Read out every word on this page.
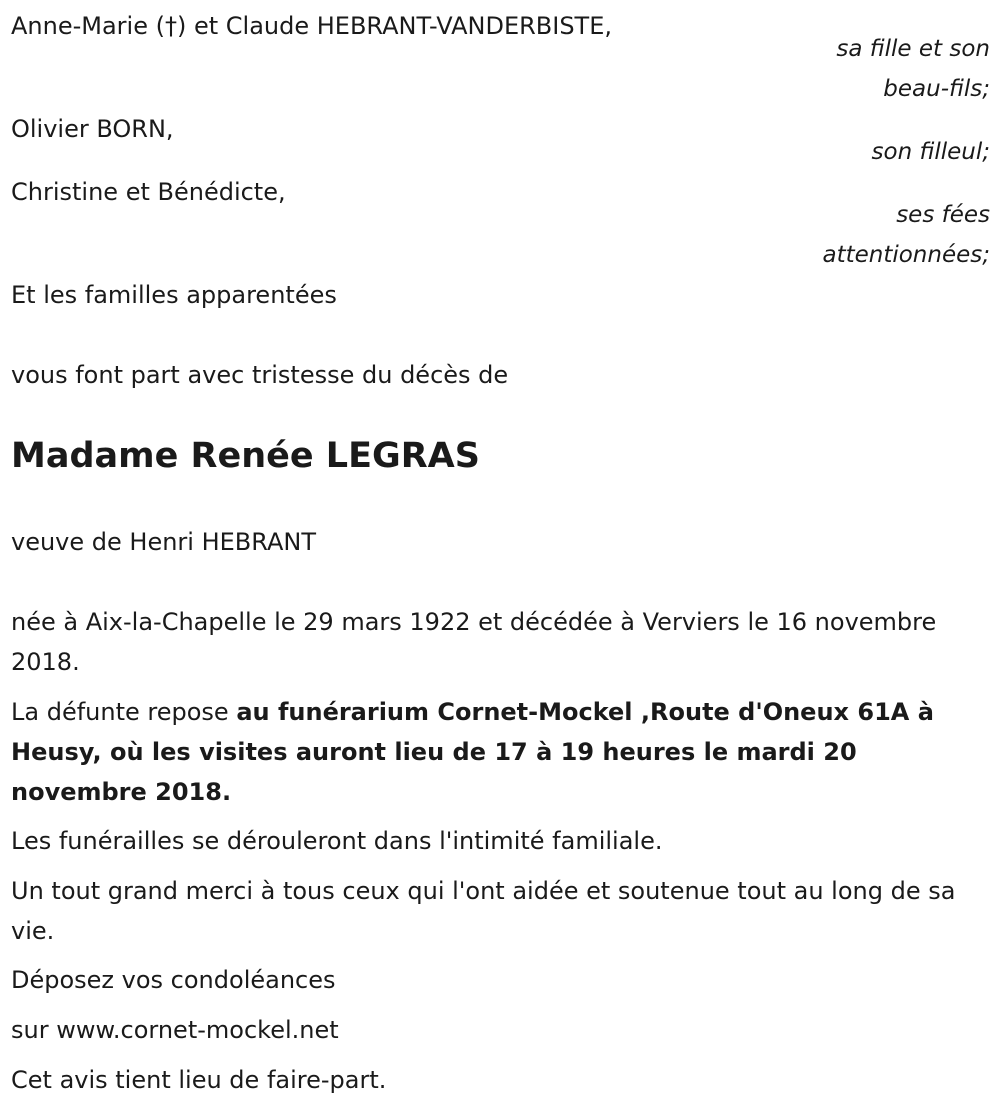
Anne-Marie (†) et Claude HEBRANT-VANDERBISTE,

sa fille et son

beau-fils;

Olivier BORN,

son filleul;

Christine et Bénédicte,

ses fées

attentionnées;

Et les familles apparentées

vous font part avec tristesse du décès de

Madame Renée LEGRAS

veuve de Henri HEBRANT

née à Aix-la-Chapelle le 29 mars 1922 et décédée à Verviers le 16 novembre 2018.

La défunte repose au funérarium Cornet-Mockel ,Route d'Oneux 61A à Heusy, où les visites auront lieu de 17 à 19 heures le mardi 20 novembre 2018.

Les funérailles se dérouleront dans l'intimité familiale.

Un tout grand merci à tous ceux qui l'ont aidée et soutenue tout au long de sa vie.

Déposez vos condoléances

sur www.cornet-mockel.net

Cet avis tient lieu de faire-part.
